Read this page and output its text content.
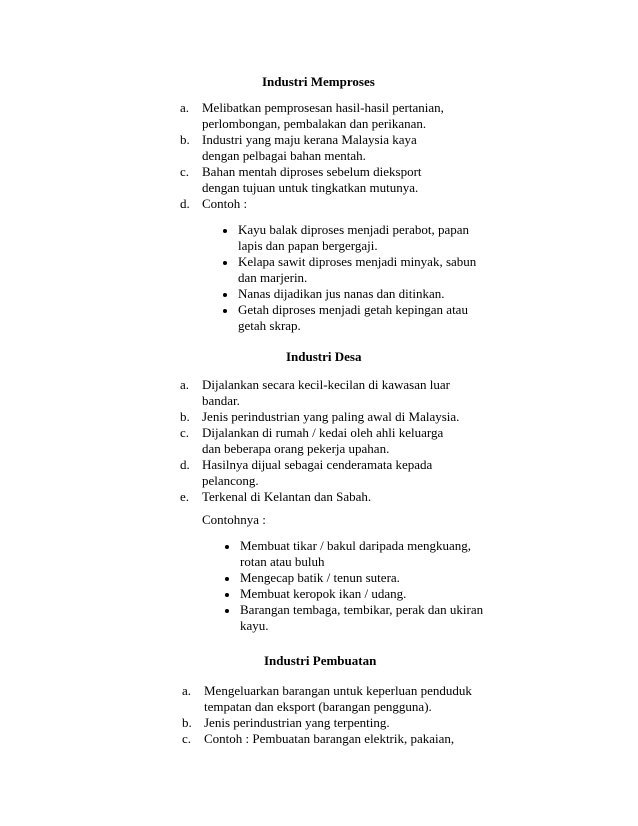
Industri Memproses
a. Melibatkan pemprosesan hasil-hasil pertanian, perlombongan, pembalakan dan perikanan.
b. Industri yang maju kerana Malaysia kaya dengan pelbagai bahan mentah.
c. Bahan mentah diproses sebelum dieksport dengan tujuan untuk tingkatkan mutunya.
d. Contoh :
Kayu balak diproses menjadi perabot, papan lapis dan papan bergergaji.
Kelapa sawit diproses menjadi minyak, sabun dan marjerin.
Nanas dijadikan jus nanas dan ditinkan.
Getah diproses menjadi getah kepingan atau getah skrap.
Industri Desa
a. Dijalankan secara kecil-kecilan di kawasan luar bandar.
b. Jenis perindustrian yang paling awal di Malaysia.
c. Dijalankan di rumah / kedai oleh ahli keluarga dan beberapa orang pekerja upahan.
d. Hasilnya dijual sebagai cenderamata kepada pelancong.
e. Terkenal di Kelantan dan Sabah.
Contohnya :
Membuat tikar / bakul daripada mengkuang, rotan atau buluh
Mengecap batik / tenun sutera.
Membuat keropok ikan / udang.
Barangan tembaga, tembikar, perak dan ukiran kayu.
Industri Pembuatan
a. Mengeluarkan barangan untuk keperluan penduduk tempatan dan eksport (barangan pengguna).
b. Jenis perindustrian yang terpenting.
c. Contoh : Pembuatan barangan elektrik, pakaian,
